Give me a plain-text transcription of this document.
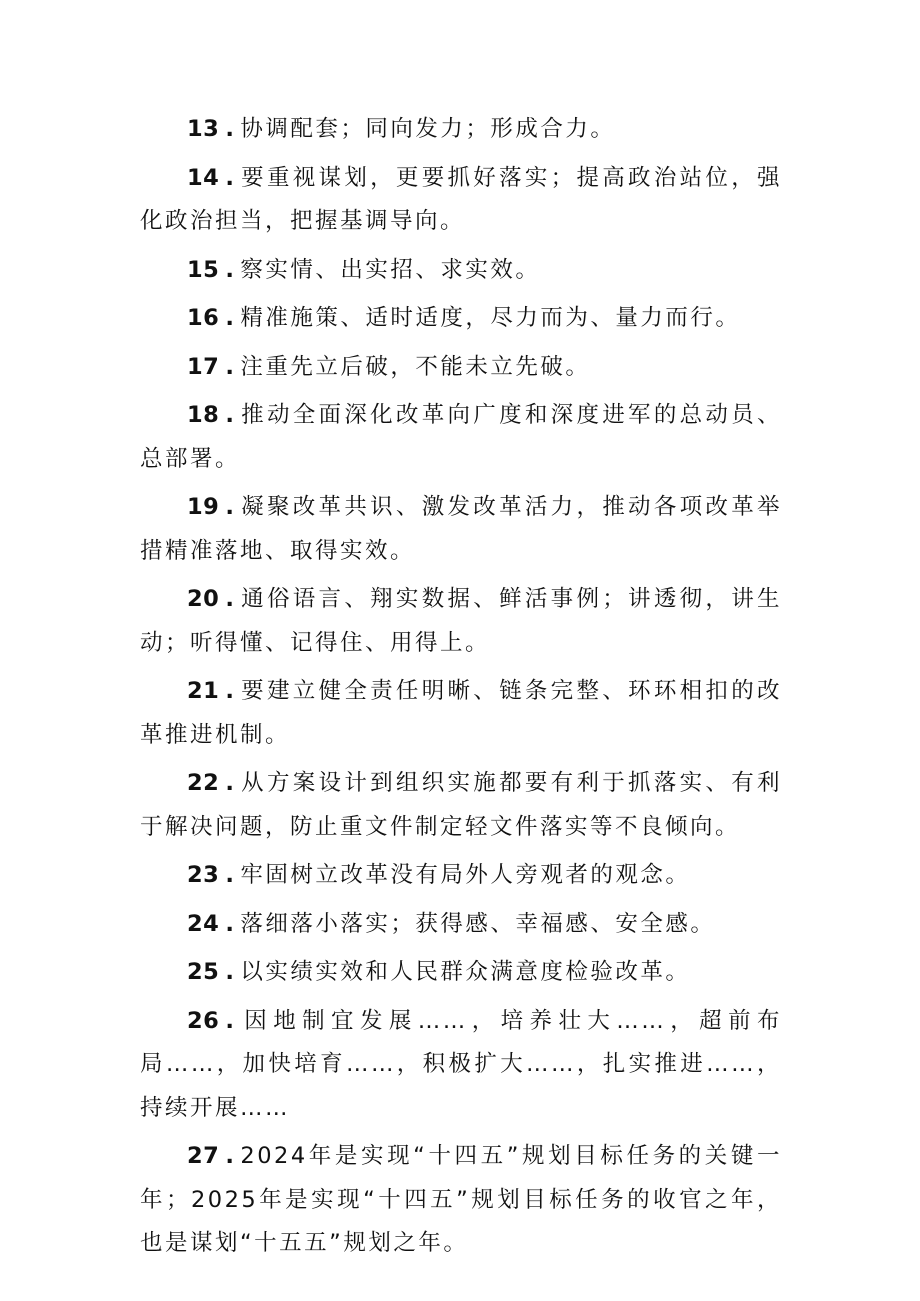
13 . 协调配套；同向发力；形成合力。
14 . 要重视谋划，更要抓好落实；提高政治站位，强化政治担当，把握基调导向。
15 . 察实情、出实招、求实效。
16 . 精准施策、适时适度，尽力而为、量力而行。
17 . 注重先立后破，不能未立先破。
18 . 推动全面深化改革向广度和深度进军的总动员、总部署。
19 . 凝聚改革共识、激发改革活力，推动各项改革举措精准落地、取得实效。
20 . 通俗语言、翔实数据、鲜活事例；讲透彻，讲生动；听得懂、记得住、用得上。
21 . 要建立健全责任明晰、链条完整、环环相扣的改革推进机制。
22 . 从方案设计到组织实施都要有利于抓落实、有利于解决问题，防止重文件制定轻文件落实等不良倾向。
23 . 牢固树立改革没有局外人旁观者的观念。
24 . 落细落小落实；获得感、幸福感、安全感。
25 . 以实绩实效和人民群众满意度检验改革。
26 . 因地制宜发展……，培养壮大……，超前布局……，加快培育……，积极扩大……，扎实推进……，持续开展……
27 . 2024年是实现“十四五”规划目标任务的关键一年；2025年是实现“十四五”规划目标任务的收官之年，也是谋划“十五五”规划之年。
